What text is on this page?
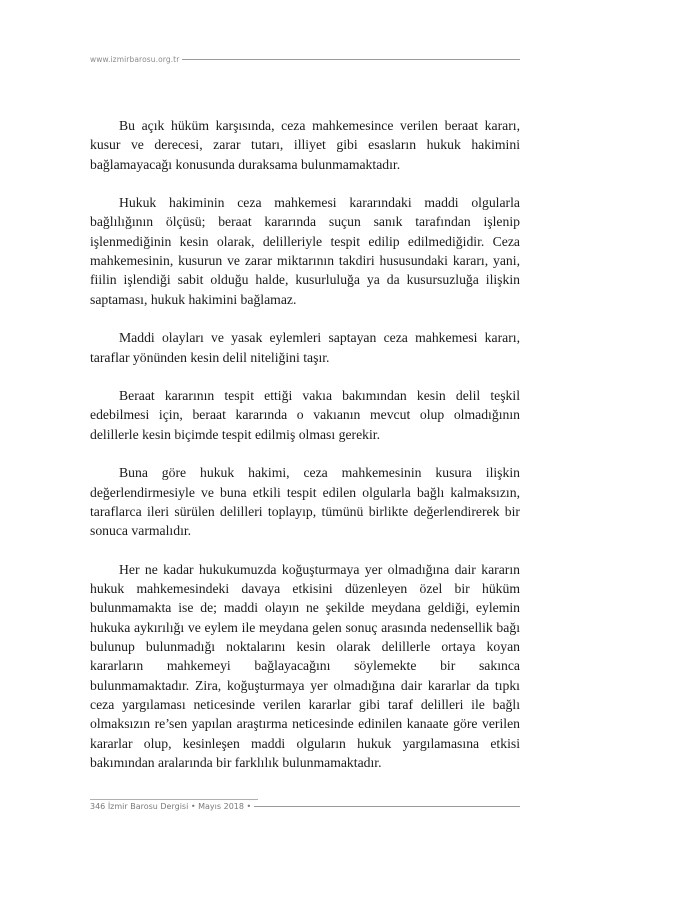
www.izmirbarosu.org.tr

Bu açık hüküm karşısında, ceza mahkemesince verilen beraat kararı, kusur ve derecesi, zarar tutarı, illiyet gibi esasların hukuk hakimini bağlamayacağı konusunda duraksama bulunmamaktadır.

Hukuk hakiminin ceza mahkemesi kararındaki maddi olgularla bağlılığının ölçüsü; beraat kararında suçun sanık tarafından işlenip işlenmediğinin kesin olarak, delilleriyle tespit edilip edilmediğidir. Ceza mahkemesinin, kusurun ve zarar miktarının takdiri hususundaki kararı, yani, fiilin işlendiği sabit olduğu halde, kusurluluğa ya da kusursuzluğa ilişkin saptaması, hukuk hakimini bağlamaz.

Maddi olayları ve yasak eylemleri saptayan ceza mahkemesi kararı, taraflar yönünden kesin delil niteliğini taşır.

Beraat kararının tespit ettiği vakıa bakımından kesin delil teşkil edebilmesi için, beraat kararında o vakıanın mevcut olup olmadığının delillerle kesin biçimde tespit edilmiş olması gerekir.

Buna göre hukuk hakimi, ceza mahkemesinin kusura ilişkin değerlendirmesiyle ve buna etkili tespit edilen olgularla bağlı kalmaksızın, taraflarca ileri sürülen delilleri toplayıp, tümünü birlikte değerlendirerek bir sonuca varmalıdır.

Her ne kadar hukukumuzda koğuşturmaya yer olmadığına dair kararın hukuk mahkemesindeki davaya etkisini düzenleyen özel bir hüküm bulunmamakta ise de; maddi olayın ne şekilde meydana geldiği, eylemin hukuka aykırılığı ve eylem ile meydana gelen sonuç arasında nedensellik bağı bulunup bulunmadığı noktalarını kesin olarak delillerle ortaya koyan kararların mahkemeyi bağlayacağını söylemekte bir sakınca bulunmamaktadır. Zira, koğuşturmaya yer olmadığına dair kararlar da tıpkı ceza yargılaması neticesinde verilen kararlar gibi taraf delilleri ile bağlı olmaksızın re’sen yapılan araştırma neticesinde edinilen kanaate göre verilen kararlar olup, kesinleşen maddi olguların hukuk yargılamasına etkisi bakımından aralarında bir farklılık bulunmamaktadır.

346 İzmir Barosu Dergisi • Mayıs 2018 •
